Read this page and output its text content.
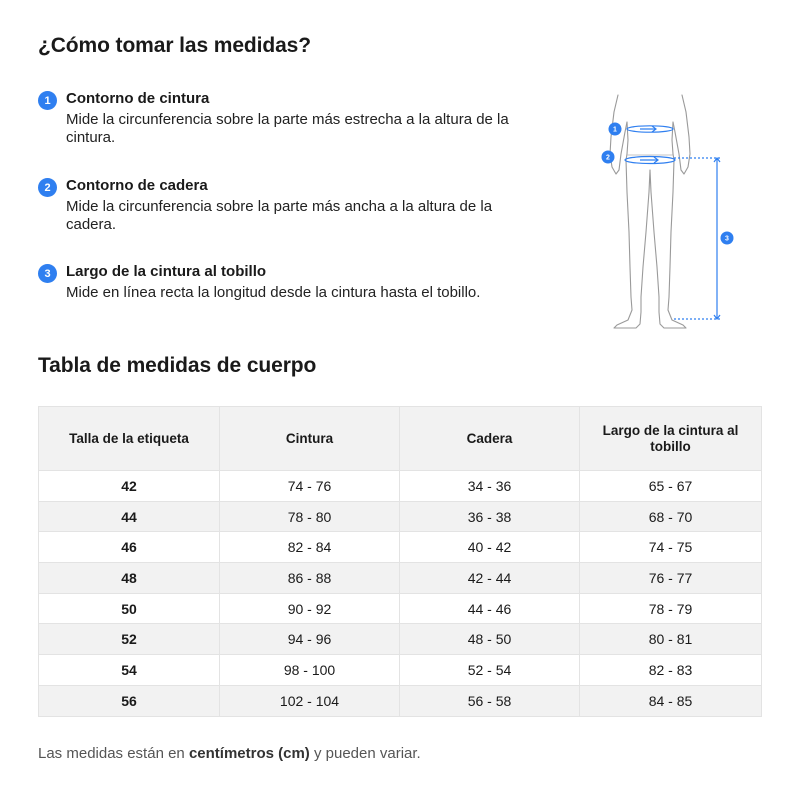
¿Cómo tomar las medidas?
1	Contorno de cintura
Mide la circunferencia sobre la parte más estrecha a la altura de la cintura.
2	Contorno de cadera
Mide la circunferencia sobre la parte más ancha a la altura de la cadera.
3	Largo de la cintura al tobillo
Mide en línea recta la longitud desde la cintura hasta el tobillo.
1
2
3
Tabla de medidas de cuerpo
Talla de la etiqueta	Cintura	Cadera	Largo de la cintura al tobillo
42	74 - 76	34 - 36	65 - 67
44	78 - 80	36 - 38	68 - 70
46	82 - 84	40 - 42	74 - 75
48	86 - 88	42 - 44	76 - 77
50	90 - 92	44 - 46	78 - 79
52	94 - 96	48 - 50	80 - 81
54	98 - 100	52 - 54	82 - 83
56	102 - 104	56 - 58	84 - 85
Las medidas están en centímetros (cm) y pueden variar.
